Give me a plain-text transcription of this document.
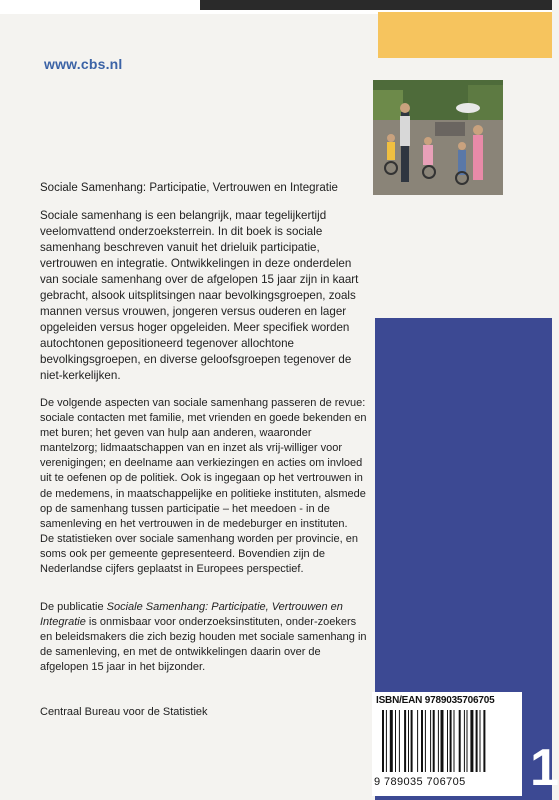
www.cbs.nl
Sociale Samenhang: Participatie, Vertrouwen en Integratie

Sociale samenhang is een belangrijk, maar tegelijkertijd veelomvattend onderzoeksterrein. In dit boek is sociale samenhang beschreven vanuit het drieluik participatie, vertrouwen en integratie. Ontwikkelingen in deze onderdelen van sociale samenhang over de afgelopen 15 jaar zijn in kaart gebracht, alsook uitsplitsingen naar bevolkingsgroepen, zoals mannen versus vrouwen, jongeren versus ouderen en lager opgeleiden versus hoger opgeleiden. Meer specifiek worden autochtonen gepositioneerd tegenover allochtone bevolkingsgroepen, en diverse geloofsgroepen tegenover de niet-kerkelijken.

De volgende aspecten van sociale samenhang passeren de revue: sociale contacten met familie, met vrienden en goede bekenden en met buren; het geven van hulp aan anderen, waaronder mantelzorg; lidmaatschappen van en inzet als vrij-williger voor verenigingen; en deelname aan verkiezingen en acties om invloed uit te oefenen op de politiek. Ook is ingegaan op het vertrouwen in de medemens, in maatschappelijke en politieke instituten, alsmede op de samenhang tussen participatie – het meedoen - in de samenleving en het vertrouwen in de medeburger en instituten.
De statistieken over sociale samenhang worden per provincie, en soms ook per gemeente gepresenteerd. Bovendien zijn de Nederlandse cijfers geplaatst in Europees perspectief.

De publicatie Sociale Samenhang: Participatie, Vertrouwen en Integratie is onmisbaar voor onderzoeksinstituten, onder-zoekers en beleidsmakers die zich bezig houden met sociale samenhang in de samenleving, en met de ontwikkelingen daarin over de afgelopen 15 jaar in het bijzonder.

Centraal Bureau voor de Statistiek
ISBN/EAN 9789035706705
9 789035 706705	1
